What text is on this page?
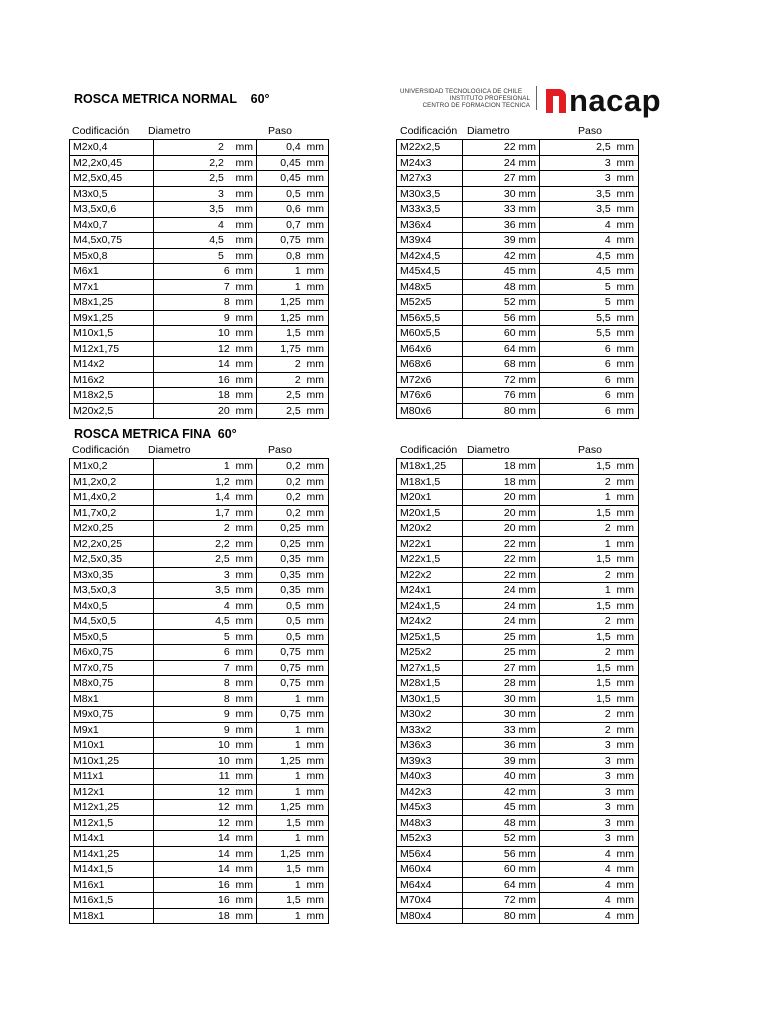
ROSCA METRICA NORMAL    60°
ROSCA METRICA FINA  60°
UNIVERSIDAD TECNOLOGICA DE CHILE
INSTITUTO PROFESIONAL
CENTRO DE FORMACION TECNICA nacap
Codificación Diametro	Paso	Codificación Diametro	Paso
Codificación Diametro	Paso	Codificación Diametro	Paso
M2x0,4	2    mm	0,4  mm
M2,2x0,45	2,2    mm	0,45  mm
M2,5x0,45	2,5    mm	0,45  mm
M3x0,5	3    mm	0,5  mm
M3,5x0,6	3,5    mm	0,6  mm
M4x0,7	4    mm	0,7  mm
M4,5x0,75	4,5    mm	0,75  mm
M5x0,8	5    mm	0,8  mm
M6x1	6  mm	1  mm
M7x1	7  mm	1  mm
M8x1,25	8  mm	1,25  mm
M9x1,25	9  mm	1,25  mm
M10x1,5	10  mm	1,5  mm
M12x1,75	12  mm	1,75  mm
M14x2	14  mm	2  mm
M16x2	16  mm	2  mm
M18x2,5	18  mm	2,5  mm
M20x2,5	20  mm	2,5  mm
M22x2,5	22 mm	2,5  mm
M24x3	24 mm	3  mm
M27x3	27 mm	3  mm
M30x3,5	30 mm	3,5  mm
M33x3,5	33 mm	3,5  mm
M36x4	36 mm	4  mm
M39x4	39 mm	4  mm
M42x4,5	42 mm	4,5  mm
M45x4,5	45 mm	4,5  mm
M48x5	48 mm	5  mm
M52x5	52 mm	5  mm
M56x5,5	56 mm	5,5  mm
M60x5,5	60 mm	5,5  mm
M64x6	64 mm	6  mm
M68x6	68 mm	6  mm
M72x6	72 mm	6  mm
M76x6	76 mm	6  mm
M80x6	80 mm	6  mm
M1x0,2	1  mm	0,2  mm
M1,2x0,2	1,2  mm	0,2  mm
M1,4x0,2	1,4  mm	0,2  mm
M1,7x0,2	1,7  mm	0,2  mm
M2x0,25	2  mm	0,25  mm
M2,2x0,25	2,2  mm	0,25  mm
M2,5x0,35	2,5  mm	0,35  mm
M3x0,35	3  mm	0,35  mm
M3,5x0,3	3,5  mm	0,35  mm
M4x0,5	4  mm	0,5  mm
M4,5x0,5	4,5  mm	0,5  mm
M5x0,5	5  mm	0,5  mm
M6x0,75	6  mm	0,75  mm
M7x0,75	7  mm	0,75  mm
M8x0,75	8  mm	0,75  mm
M8x1	8  mm	1  mm
M9x0,75	9  mm	0,75  mm
M9x1	9  mm	1  mm
M10x1	10  mm	1  mm
M10x1,25	10  mm	1,25  mm
M11x1	11  mm	1  mm
M12x1	12  mm	1  mm
M12x1,25	12  mm	1,25  mm
M12x1,5	12  mm	1,5  mm
M14x1	14  mm	1  mm
M14x1,25	14  mm	1,25  mm
M14x1,5	14  mm	1,5  mm
M16x1	16  mm	1  mm
M16x1,5	16  mm	1,5  mm
M18x1	18  mm	1  mm
M18x1,25	18 mm	1,5  mm
M18x1,5	18 mm	2  mm
M20x1	20 mm	1  mm
M20x1,5	20 mm	1,5  mm
M20x2	20 mm	2  mm
M22x1	22 mm	1  mm
M22x1,5	22 mm	1,5  mm
M22x2	22 mm	2  mm
M24x1	24 mm	1  mm
M24x1,5	24 mm	1,5  mm
M24x2	24 mm	2  mm
M25x1,5	25 mm	1,5  mm
M25x2	25 mm	2  mm
M27x1,5	27 mm	1,5  mm
M28x1,5	28 mm	1,5  mm
M30x1,5	30 mm	1,5  mm
M30x2	30 mm	2  mm
M33x2	33 mm	2  mm
M36x3	36 mm	3  mm
M39x3	39 mm	3  mm
M40x3	40 mm	3  mm
M42x3	42 mm	3  mm
M45x3	45 mm	3  mm
M48x3	48 mm	3  mm
M52x3	52 mm	3  mm
M56x4	56 mm	4  mm
M60x4	60 mm	4  mm
M64x4	64 mm	4  mm
M70x4	72 mm	4  mm
M80x4	80 mm	4  mm
